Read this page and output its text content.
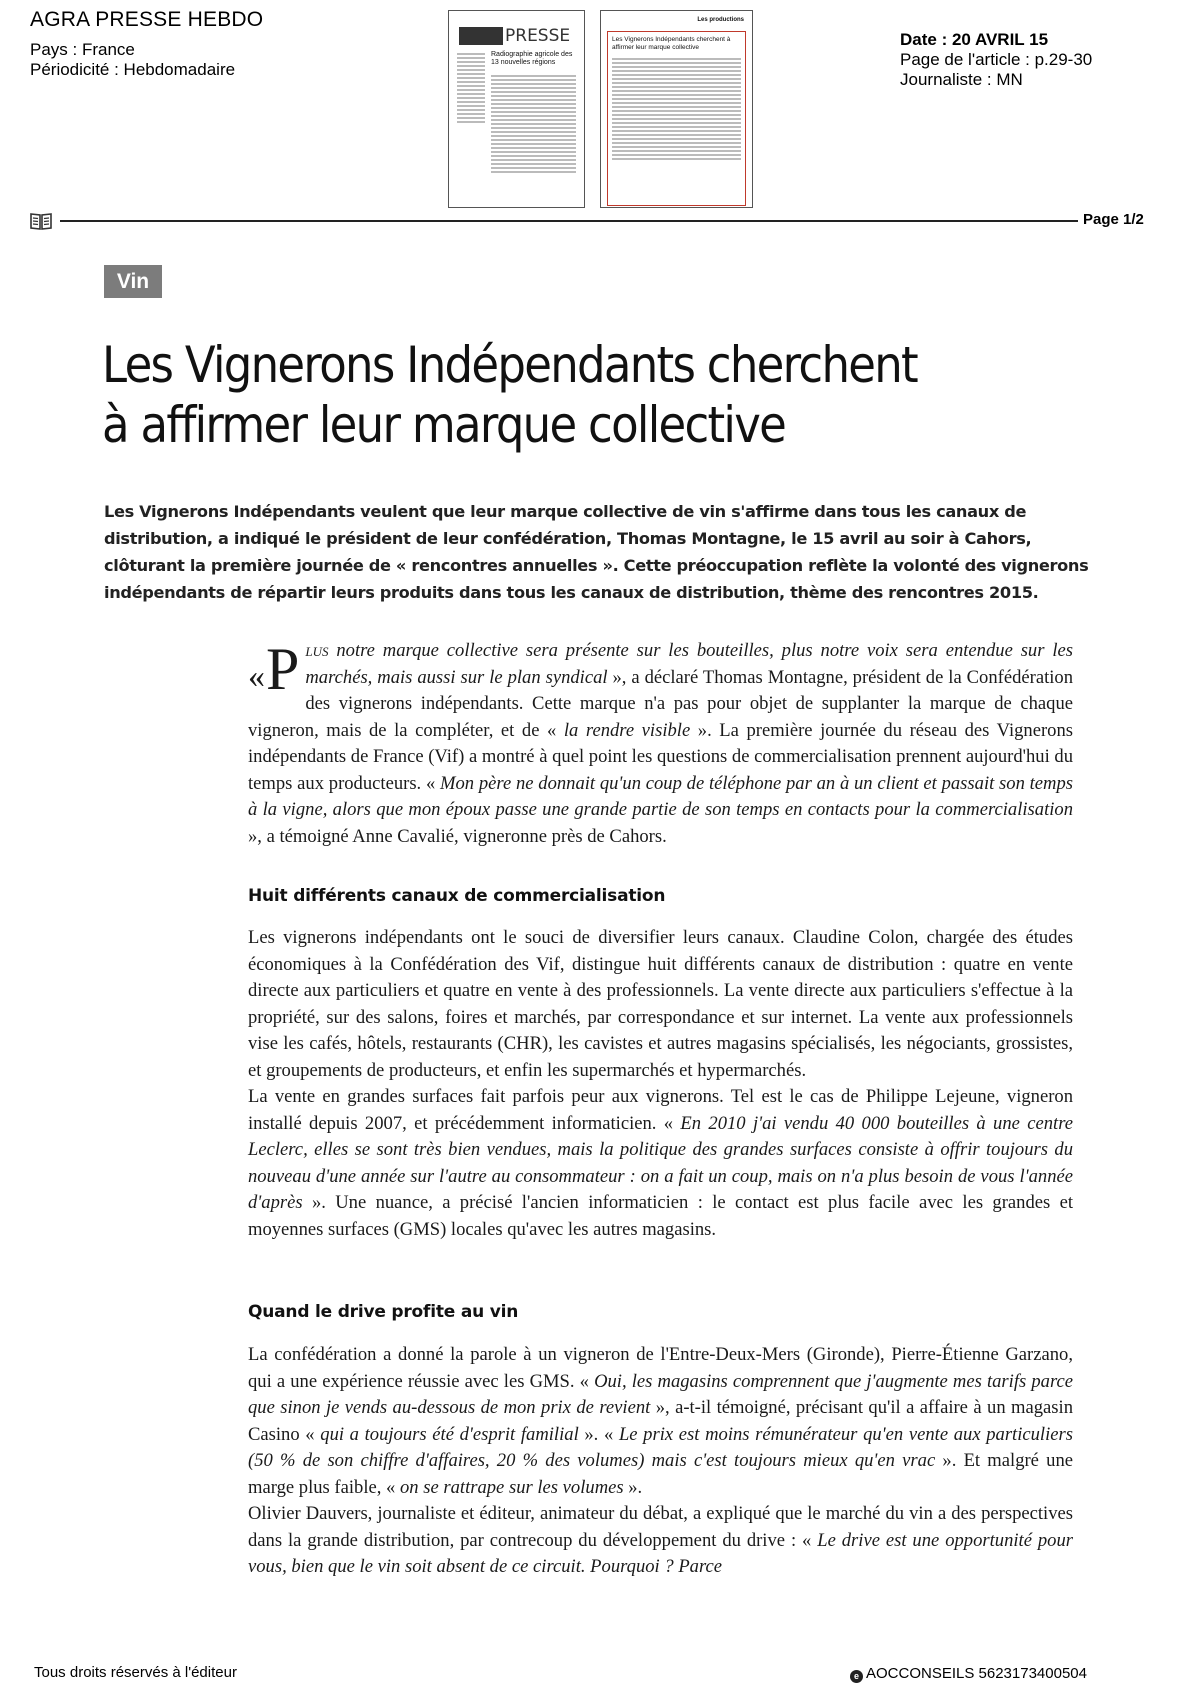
AGRA PRESSE HEBDO
Pays : France
Périodicité : Hebdomadaire
PRESSE
Radiographie agricole des 13 nouvelles régions
Les productions
Les Vignerons Indépendants cherchent à affirmer leur marque collective	Date : 20 AVRIL 15
Page de l'article : p.29-30
Journaliste : MN
Page 1/2
Vin
Les Vignerons Indépendants cherchent
à affirmer leur marque collective
Les Vignerons Indépendants veulent que leur marque collective de vin s'affirme dans tous les canaux de distribution, a indiqué le président de leur confédération, Thomas Montagne, le 15 avril au soir à Cahors, clôturant la première journée de « rencontres annuelles ». Cette préoccupation reflète la volonté des vignerons indépendants de répartir leurs produits dans tous les canaux de distribution, thème des rencontres 2015.

«P lus notre marque collective sera présente sur les bouteilles, plus notre voix sera entendue sur les marchés, mais aussi sur le plan syndical », a déclaré Thomas Montagne, président de la Confédération des vignerons indépendants. Cette marque n'a pas pour objet de supplanter la marque de chaque vigneron, mais de la compléter, et de « la rendre visible ». La première journée du réseau des Vignerons indépendants de France (Vif) a montré à quel point les questions de commercialisation prennent aujourd'hui du temps aux producteurs. « Mon père ne donnait qu'un coup de téléphone par an à un client et passait son temps à la vigne, alors que mon époux passe une grande partie de son temps en contacts pour la commercialisation », a témoigné Anne Cavalié, vigneronne près de Cahors.

Huit différents canaux de commercialisation

Les vignerons indépendants ont le souci de diversifier leurs canaux. Claudine Colon, chargée des études économiques à la Confédération des Vif, distingue huit différents canaux de distribution : quatre en vente directe aux particuliers et quatre en vente à des professionnels. La vente directe aux particuliers s'effectue à la propriété, sur des salons, foires et marchés, par correspondance et sur internet. La vente aux professionnels vise les cafés, hôtels, restaurants (CHR), les cavistes et autres magasins spécialisés, les négociants, grossistes, et groupements de producteurs, et enfin les supermarchés et hypermarchés.

La vente en grandes surfaces fait parfois peur aux vignerons. Tel est le cas de Philippe Lejeune, vigneron installé depuis 2007, et précédemment informaticien. « En 2010 j'ai vendu 40 000 bouteilles à une centre Leclerc, elles se sont très bien vendues, mais la politique des grandes surfaces consiste à offrir toujours du nouveau d'une année sur l'autre au consommateur : on a fait un coup, mais on n'a plus besoin de vous l'année d'après ». Une nuance, a précisé l'ancien informaticien : le contact est plus facile avec les grandes et moyennes surfaces (GMS) locales qu'avec les autres magasins.

Quand le drive profite au vin

La confédération a donné la parole à un vigneron de l'Entre-Deux-Mers (Gironde), Pierre-Étienne Garzano, qui a une expérience réussie avec les GMS. « Oui, les magasins comprennent que j'augmente mes tarifs parce que sinon je vends au-dessous de mon prix de revient », a-t-il témoigné, précisant qu'il a affaire à un magasin Casino « qui a toujours été d'esprit familial ». « Le prix est moins rémunérateur qu'en vente aux particuliers (50 % de son chiffre d'affaires, 20 % des volumes) mais c'est toujours mieux qu'en vrac ». Et malgré une marge plus faible, « on se rattrape sur les volumes ».

Olivier Dauvers, journaliste et éditeur, animateur du débat, a expliqué que le marché du vin a des perspectives dans la grande distribution, par contrecoup du développement du drive : « Le drive est une opportunité pour vous, bien que le vin soit absent de ce circuit. Pourquoi ? Parce

Tous droits réservés à l'éditeur	e AOCCONSEILS 5623173400504
